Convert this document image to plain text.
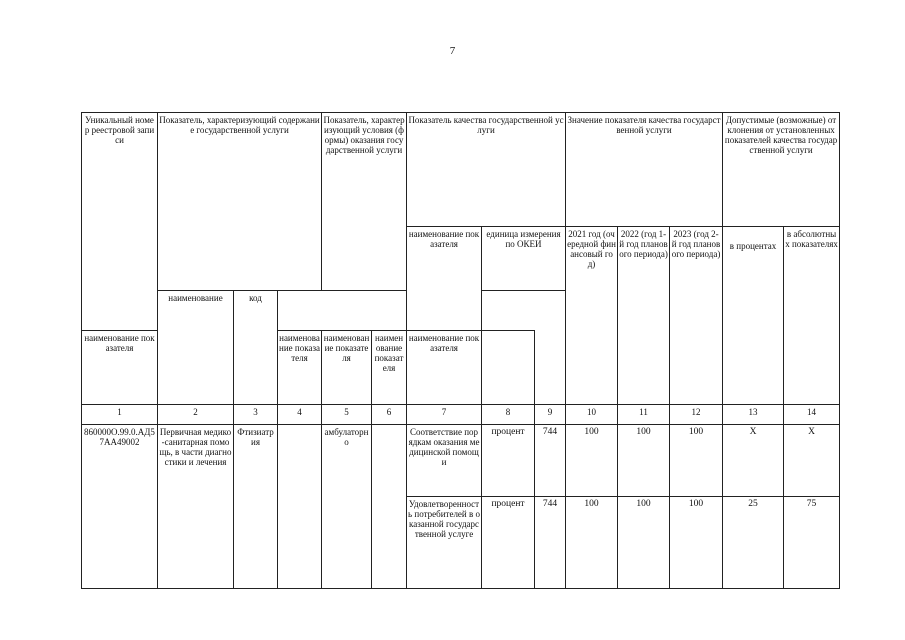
7
Уникальный номер реестровой записи	Показатель, характеризующий содержание государственной услуги			Показатель, характеризующий условия (формы) оказания государственной услуги		Показатель качества государственной услуги			Значение показателя качества государственной услуги			Допустимые (возможные) отклонения от установленных показателей качества государственной услуги	
						наименование показателя	единица измерения по ОКЕИ		2021 год (очередной финансовый год)	2022 (год 1-й год планового периода)	2023 (год 2-й год планового периода)	в процентах	в абсолютных показателях
	наименование	код											
наименование показателя			наименование показателя	наименование показателя	наименование показателя	наименование показателя							
1	2	3	4	5	6	7	8	9	10	11	12	13	14
860000О.99.0.АД57АА49002	Первичная медико-санитарная помощь, в части диагностики и лечения	Фтизиатрия		амбулаторно		Соответствие порядкам оказания медицинской помощи	процент	744	100	100	100	Х	Х
						Удовлетворенность потребителей в оказанной государственной услуге	процент	744	100	100	100	25	75
